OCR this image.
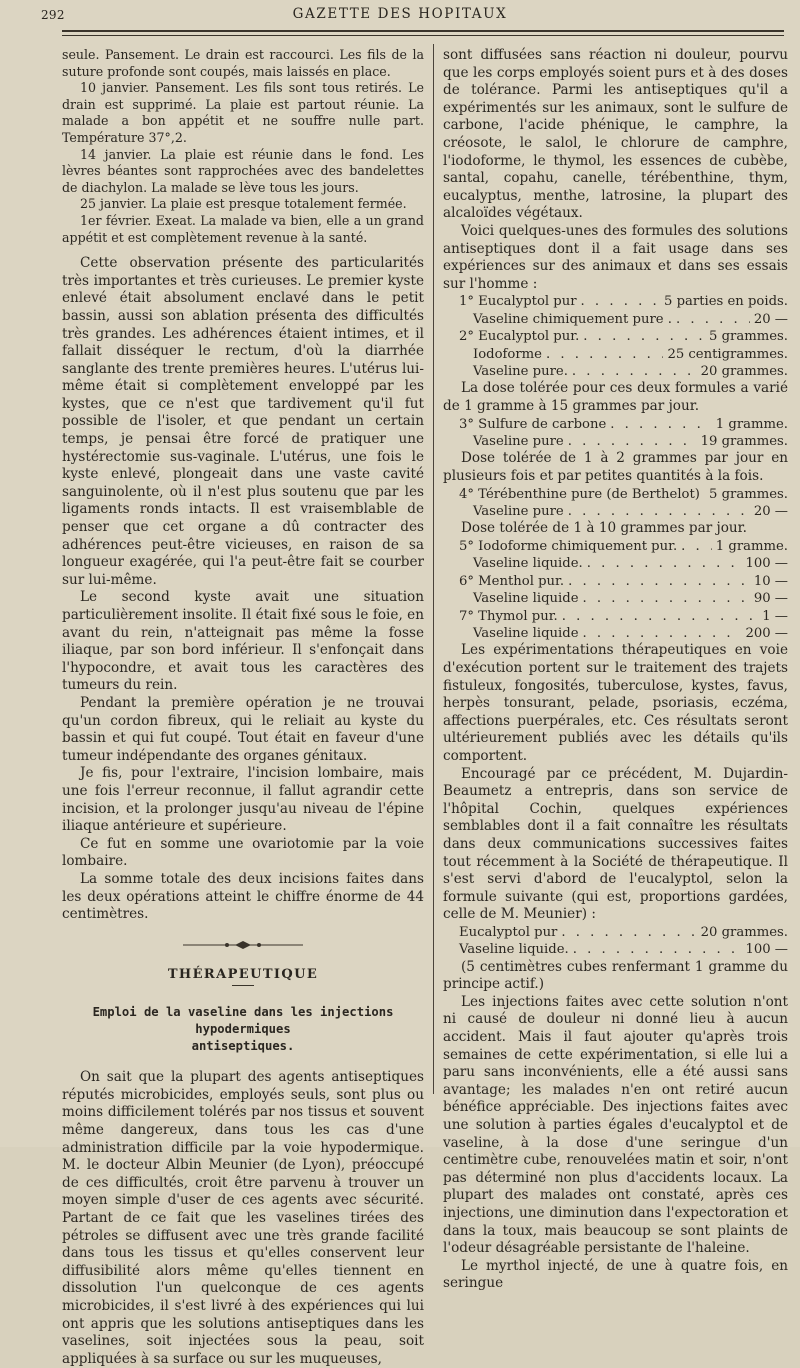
292	GAZETTE DES HOPITAUX

seule. Pansement. Le drain est raccourci. Les fils de la suture profonde sont coupés, mais laissés en place.

10 janvier. Pansement. Les fils sont tous retirés. Le drain est supprimé. La plaie est partout réunie. La malade a bon appétit et ne souffre nulle part. Température 37°,2.

14 janvier. La plaie est réunie dans le fond. Les lèvres béantes sont rapprochées avec des bandelettes de diachylon. La malade se lève tous les jours.

25 janvier. La plaie est presque totalement fermée.

1er février. Exeat. La malade va bien, elle a un grand appétit et est complètement revenue à la santé.

Cette observation présente des particularités très importantes et très curieuses. Le premier kyste enlevé était absolument enclavé dans le petit bassin, aussi son ablation présenta des difficultés très grandes. Les adhérences étaient intimes, et il fallait disséquer le rectum, d'où la diarrhée sanglante des trente premières heures. L'utérus lui-même était si complètement enveloppé par les kystes, que ce n'est que tardivement qu'il fut possible de l'isoler, et que pendant un certain temps, je pensai être forcé de pratiquer une hystérectomie sus-vaginale. L'utérus, une fois le kyste enlevé, plongeait dans une vaste cavité sanguinolente, où il n'est plus soutenu que par les ligaments ronds intacts. Il est vraisemblable de penser que cet organe a dû contracter des adhérences peut-être vicieuses, en raison de sa longueur exagérée, qui l'a peut-être fait se courber sur lui-même.

Le second kyste avait une situation particulièrement insolite. Il était fixé sous le foie, en avant du rein, n'atteignait pas même la fosse iliaque, par son bord inférieur. Il s'enfonçait dans l'hypocondre, et avait tous les caractères des tumeurs du rein.

Pendant la première opération je ne trouvai qu'un cordon fibreux, qui le reliait au kyste du bassin et qui fut coupé. Tout était en faveur d'une tumeur indépendante des organes génitaux.

Je fis, pour l'extraire, l'incision lombaire, mais une fois l'erreur reconnue, il fallut agrandir cette incision, et la prolonger jusqu'au niveau de l'épine iliaque antérieure et supérieure.

Ce fut en somme une ovariotomie par la voie lombaire.

La somme totale des deux incisions faites dans les deux opérations atteint le chiffre énorme de 44 centimètres.

THÉRAPEUTIQUE
Emploi de la vaseline dans les injections hypodermiques
antiseptiques.

On sait que la plupart des agents antiseptiques réputés microbicides, employés seuls, sont plus ou moins difficilement tolérés par nos tissus et souvent même dangereux, dans tous les cas d'une administration difficile par la voie hypodermique. M. le docteur Albin Meunier (de Lyon), préoccupé de ces difficultés, croit être parvenu à trouver un moyen simple d'user de ces agents avec sécurité. Partant de ce fait que les vaselines tirées des pétroles se diffusent avec une très grande facilité dans tous les tissus et qu'elles conservent leur diffusibilité alors même qu'elles tiennent en dissolution l'un quelconque de ces agents microbicides, il s'est livré à des expériences qui lui ont appris que les solutions antiseptiques dans les vaselines, soit injectées sous la peau, soit appliquées à sa surface ou sur les muqueuses,

sont diffusées sans réaction ni douleur, pourvu que les corps employés soient purs et à des doses de tolérance. Parmi les antiseptiques qu'il a expérimentés sur les animaux, sont le sulfure de carbone, l'acide phénique, le camphre, la créosote, le salol, le chlorure de camphre, l'iodoforme, le thymol, les essences de cubèbe, santal, copahu, canelle, térébenthine, thym, eucalyptus, menthe, latrosine, la plupart des alcaloïdes végétaux.

Voici quelques-unes des formules des solutions antiseptiques dont il a fait usage dans ses expériences sur des animaux et dans ses essais sur l'homme :

1° Eucalyptol pur . . .	5 parties en poids.
Vaseline chimiquement pure . . . .	20 —
2° Eucalyptol pur. . . .	5 grammes.
Iodoforme . . .	25 centigrammes.
Vaseline pure. . . .	20 grammes.

La dose tolérée pour ces deux formules a varié de 1 gramme à 15 grammes par jour.

3° Sulfure de carbone . . .	1 gramme.
Vaseline pure . . .	19 grammes.

Dose tolérée de 1 à 2 grammes par jour en plusieurs fois et par petites quantités à la fois.

4° Térébenthine pure (de Berthelot) . . . 5 grammes.
Vaseline pure . . .	20 —

Dose tolérée de 1 à 10 grammes par jour.

5° Iodoforme chimiquement pur. . . .	1 gramme.
Vaseline liquide. . . .	100 —
6° Menthol pur. . . .	10 —
Vaseline liquide . . .	90 —
7° Thymol pur. . . .	1 —
Vaseline liquide . . .	200 —

Les expérimentations thérapeutiques en voie d'exécution portent sur le traitement des trajets fistuleux, fongosités, tuberculose, kystes, favus, herpès tonsurant, pelade, psoriasis, eczéma, affections puerpérales, etc. Ces résultats seront ultérieurement publiés avec les détails qu'ils comportent.

Encouragé par ce précédent, M. Dujardin-Beaumetz a entrepris, dans son service de l'hôpital Cochin, quelques expériences semblables dont il a fait connaître les résultats dans deux communications successives faites tout récemment à la Société de thérapeutique. Il s'est servi d'abord de l'eucalyptol, selon la formule suivante (qui est, proportions gardées, celle de M. Meunier) :

Eucalyptol pur . . .	20 grammes.
Vaseline liquide. . . .	100 —

(5 centimètres cubes renfermant 1 gramme du principe actif.)

Les injections faites avec cette solution n'ont ni causé de douleur ni donné lieu à aucun accident. Mais il faut ajouter qu'après trois semaines de cette expérimentation, si elle lui a paru sans inconvénients, elle a été aussi sans avantage; les malades n'en ont retiré aucun bénéfice appréciable. Des injections faites avec une solution à parties égales d'eucalyptol et de vaseline, à la dose d'une seringue d'un centimètre cube, renouvelées matin et soir, n'ont pas déterminé non plus d'accidents locaux. La plupart des malades ont constaté, après ces injections, une diminution dans l'expectoration et dans la toux, mais beaucoup se sont plaints de l'odeur désagréable persistante de l'haleine.

Le myrthol injecté, de une à quatre fois, en seringue
